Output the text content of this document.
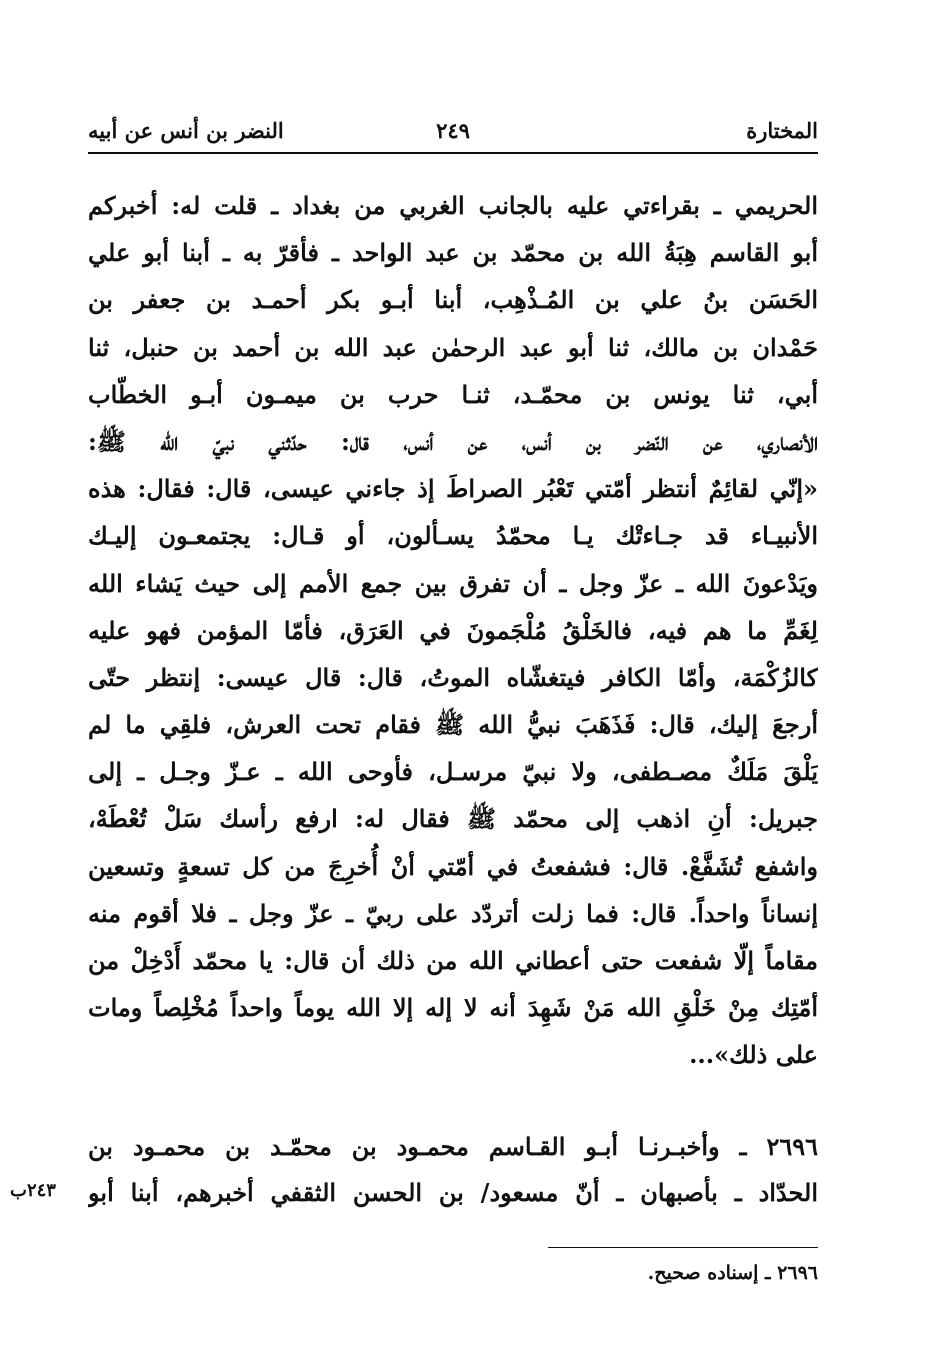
المختارة
٢٤٩
النضر بن أنس عن أبيه
الحريمي ـ بقراءتي عليه بالجانب الغربي من بغداد ـ قلت له: أخبركم
أبو القاسم هِبَةُ الله بن محمّد بن عبد الواحد ـ فأقرّ به ـ أبنا أبو علي
الحَسَن بنُ علي بن المُـذْهِب، أبنا أبـو بكر أحمـد بن جعفر بن
حَمْدان بن مالك، ثنا أبو عبد الرحمٰن عبد الله بن أحمد بن حنبل، ثنا
أبي، ثنا يونس بن محمّـد، ثنـا حرب بن ميمـون أبـو الخطّاب
الأنصاري، عن النّضر بن أنس، عن أنس، قال: حدّثني نبيّ الله ﷺ:
«إنّي لقائِمٌ أنتظر أمّتي تَعْبُر الصراطَ إذ جاءني عيسى، قال: فقال: هذه
الأنبيـاء قد جـاءتْك يـا محمّدُ يسـألون، أو قـال: يجتمعـون إليـك
ويَدْعونَ الله ـ عزّ وجل ـ أن تفرق بين جمع الأمم إلى حيث يَشاء الله
لِغَمِّ ما هم فيه، فالخَلْقُ مُلْجَمونَ في العَرَق، فأمّا المؤمن فهو عليه
كالزُكْمَة، وأمّا الكافر فيتغشّاه الموتُ، قال: قال عيسى: إنتظر حتّى
أرجعَ إليك، قال: فَذَهَبَ نبيُّ الله ﷺ فقام تحت العرش، فلقِي ما لم
يَلْقَ مَلَكٌ مصـطفى، ولا نبيّ مرسـل، فأوحى الله ـ عـزّ وجـل ـ إلى
جبريل: أنِ اذهب إلى محمّد ﷺ فقال له: ارفع رأسك سَلْ تُعْطَهْ،
واشفع تُشَفَّعْ. قال: فشفعتُ في أمّتي أنْ أُخرِجَ من كل تسعةٍ وتسعين
إنساناً واحداً. قال: فما زلت أتردّد على ربيّ ـ عزّ وجل ـ فلا أقوم منه
مقاماً إلّا شفعت حتى أعطاني الله من ذلك أن قال: يا محمّد أَدْخِلْ من
أمّتِك مِنْ خَلْقِ الله مَنْ شَهِدَ أنه لا إله إلا الله يوماً واحداً مُخْلِصاً ومات
على ذلك»...
٢٦٩٦ ـ وأخبـرنـا أبـو القـاسم محمـود بن محمّـد بن محمـود بن
الحدّاد ـ بأصبهان ـ أنّ مسعود/ بن الحسن الثقفي أخبرهم، أبنا أبو
٢٤٣ب
٢٦٩٦ ـ إسناده صحيح.
